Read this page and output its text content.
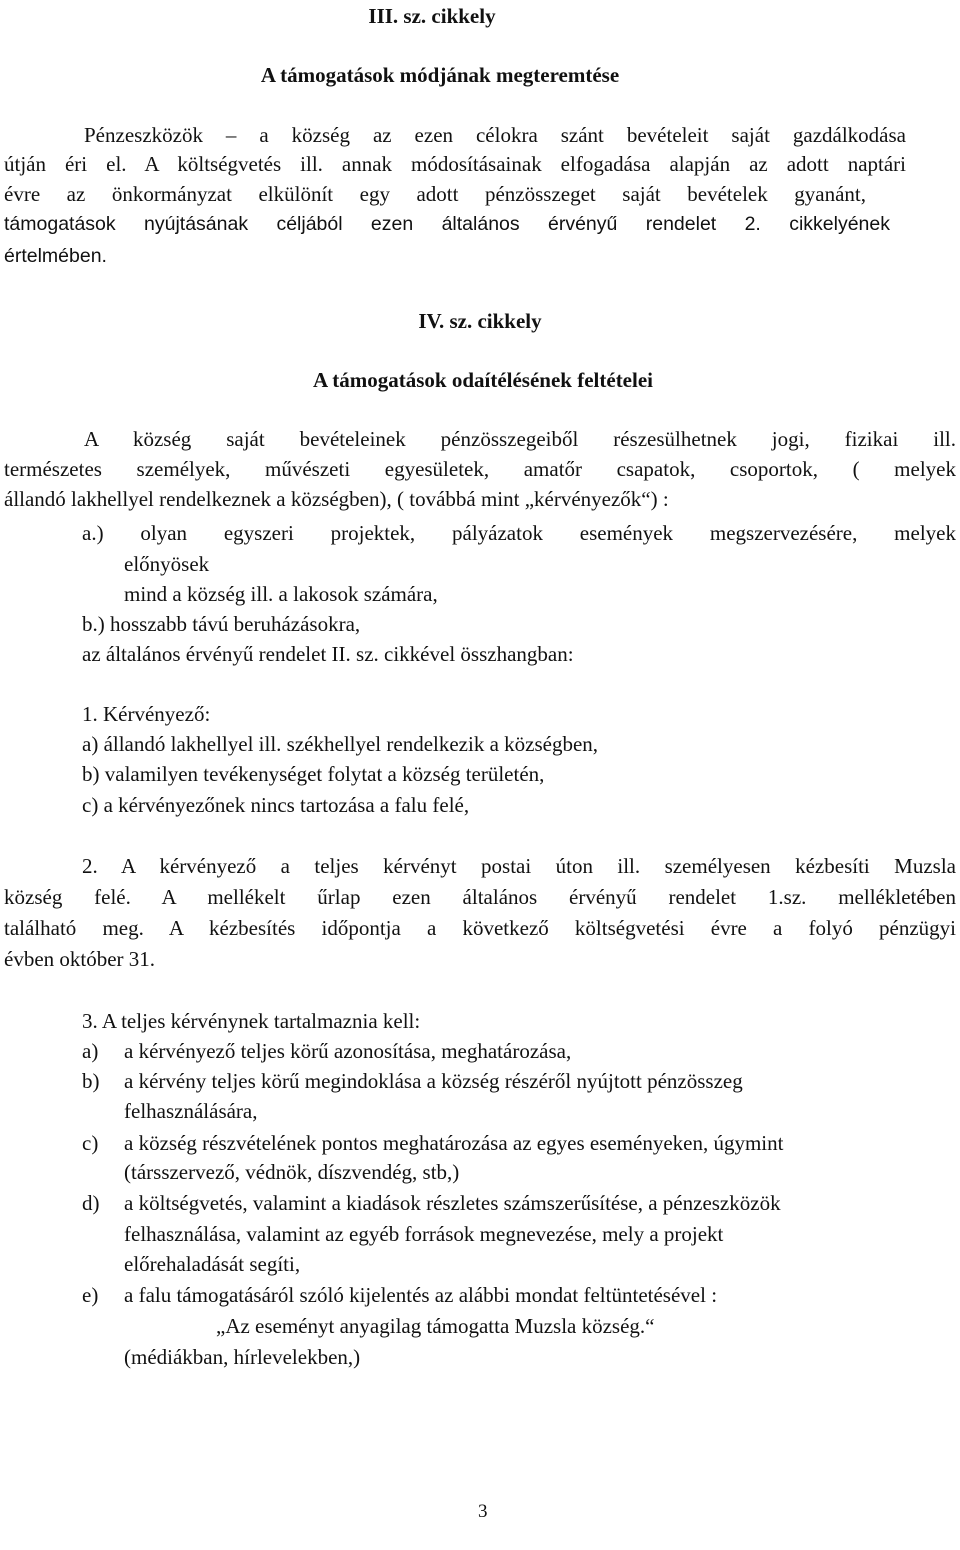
III. sz. cikkely
A támogatások módjának megteremtése
Pénzeszközök – a község az ezen célokra szánt bevételeit saját gazdálkodása
útján éri el. A költségvetés ill. annak módosításainak elfogadása alapján az adott naptári
évre az önkormányzat elkülönít egy adott pénzösszeget saját bevételek gyanánt,
támogatások nyújtásának céljából ezen általános érvényű rendelet 2. cikkelyének
értelmében.
IV. sz. cikkely
A támogatások odaítélésének feltételei
A község saját bevételeinek pénzösszegeiből részesülhetnek jogi, fizikai ill.
természetes személyek, művészeti egyesületek, amatőr csapatok, csoportok, ( melyek
állandó lakhellyel rendelkeznek a községben), ( továbbá mint „kérvényezők“) :
a.) olyan egyszeri projektek, pályázatok események megszervezésére, melyek
előnyösek
mind a község ill. a lakosok számára,
b.) hosszabb távú beruházásokra,
az általános érvényű rendelet II. sz. cikkével összhangban:
1. Kérvényező:
a) állandó lakhellyel ill. székhellyel rendelkezik a községben,
b) valamilyen tevékenységet folytat a község területén,
c) a kérvényezőnek nincs tartozása a falu felé,
2. A kérvényező a teljes kérvényt postai úton ill. személyesen kézbesíti Muzsla
község felé. A mellékelt űrlap ezen általános érvényű rendelet 1.sz. mellékletében
található meg. A kézbesítés időpontja a következő költségvetési évre a folyó pénzügyi
évben október 31.
3. A teljes kérvénynek tartalmaznia kell:
a) a kérvényező teljes körű azonosítása, meghatározása,
b) a kérvény teljes körű megindoklása a község részéről nyújtott pénzösszeg
felhasználására,
c) a község részvételének pontos meghatározása az egyes eseményeken, úgymint
(társszervező, védnök, díszvendég, stb,)
d) a költségvetés, valamint a kiadások részletes számszerűsítése, a pénzeszközök
felhasználása, valamint az egyéb források megnevezése, mely a projekt
előrehaladását segíti,
e) a falu támogatásáról szóló kijelentés az alábbi mondat feltüntetésével :
„Az eseményt anyagilag támogatta Muzsla község.“
(médiákban, hírlevelekben,)
3
